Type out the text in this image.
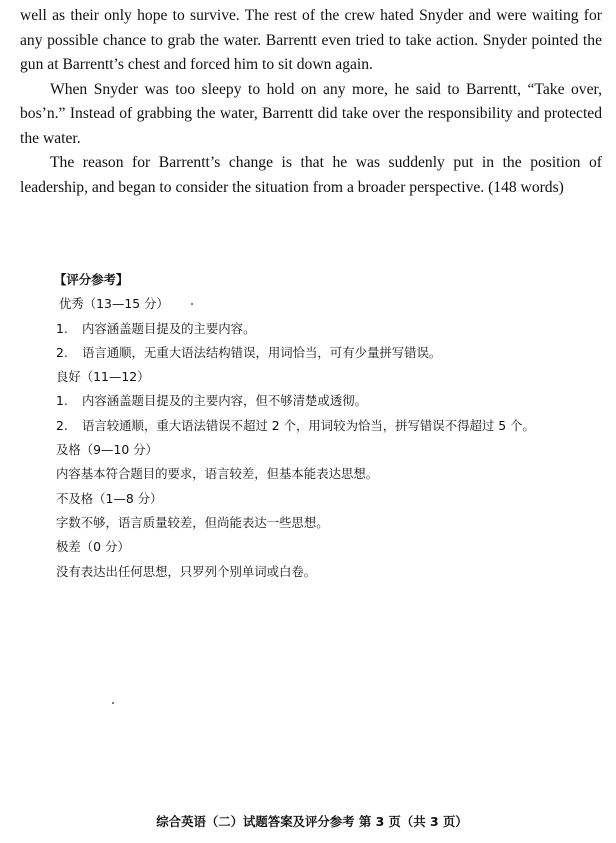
well as their only hope to survive. The rest of the crew hated Snyder and were waiting for any possible chance to grab the water. Barrentt even tried to take action. Snyder pointed the gun at Barrentt’s chest and forced him to sit down again.

When Snyder was too sleepy to hold on any more, he said to Barrentt, “Take over, bos’n.” Instead of grabbing the water, Barrentt did take over the responsibility and protected the water.

The reason for Barrentt’s change is that he was suddenly put in the position of leadership, and began to consider the situation from a broader perspective. (148 words)

【评分参考】
优秀（13—15 分）
1.	内容涵盖题目提及的主要内容。
2.	语言通顺，无重大语法结构错误，用词恰当，可有少量拼写错误。
良好（11—12）
1.	内容涵盖题目提及的主要内容，但不够清楚或透彻。
2.	语言较通顺，重大语法错误不超过 2 个，用词较为恰当，拼写错误不得超过 5 个。
及格（9—10 分）
内容基本符合题目的要求，语言较差，但基本能表达思想。
不及格（1—8 分）
字数不够，语言质量较差，但尚能表达一些思想。
极差（0 分）
没有表达出任何思想，只罗列个别单词或白卷。
综合英语（二）试题答案及评分参考 第 3 页（共 3 页）
